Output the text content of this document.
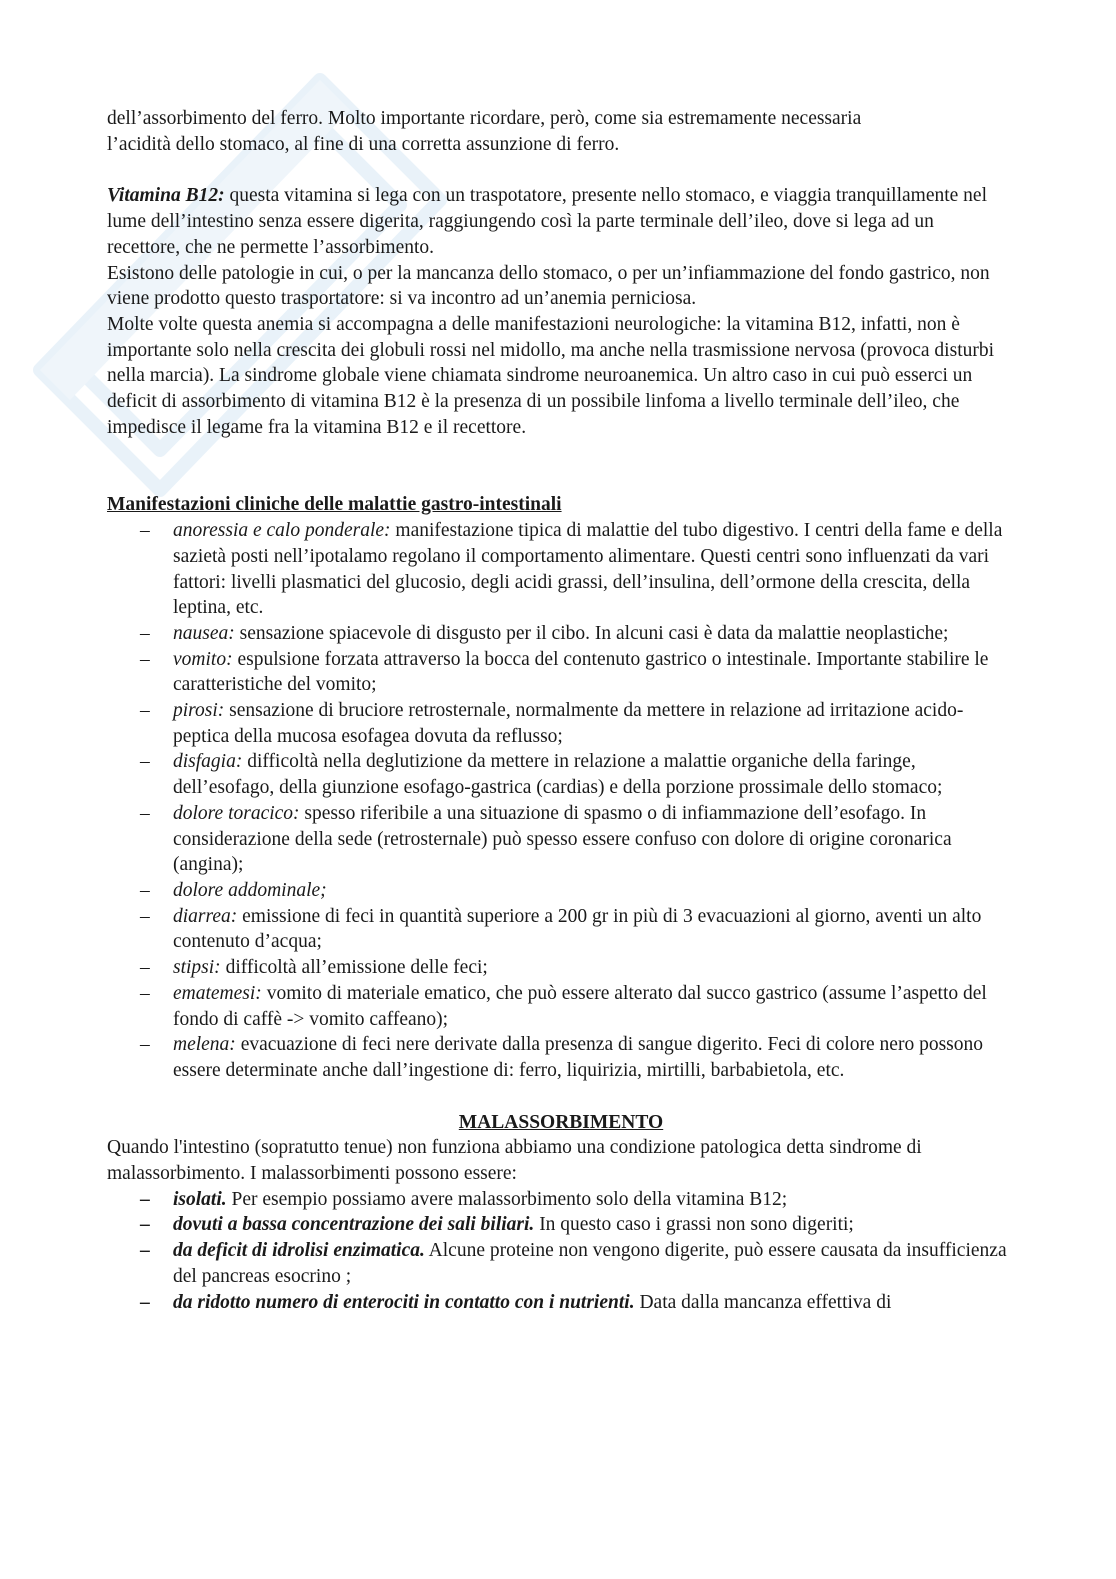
dell’assorbimento del ferro. Molto importante ricordare, però, come sia estremamente necessaria
l’acidità dello stomaco, al fine di una corretta assunzione di ferro.

Vitamina B12: questa vitamina si lega con un traspotatore, presente nello stomaco, e viaggia tranquillamente nel lume dell’intestino senza essere digerita, raggiungendo così la parte terminale dell’ileo, dove si lega ad un recettore, che ne permette l’assorbimento.

Esistono delle patologie in cui, o per la mancanza dello stomaco, o per un’infiammazione del fondo gastrico, non viene prodotto questo trasportatore: si va incontro ad un’anemia perniciosa.

Molte volte questa anemia si accompagna a delle manifestazioni neurologiche: la vitamina B12, infatti, non è importante solo nella crescita dei globuli rossi nel midollo, ma anche nella trasmissione nervosa (provoca disturbi nella marcia). La sindrome globale viene chiamata sindrome neuroanemica. Un altro caso in cui può esserci un deficit di assorbimento di vitamina B12 è la presenza di un possibile linfoma a livello terminale dell’ileo, che impedisce il legame fra la vitamina B12 e il recettore.

Manifestazioni cliniche delle malattie gastro-intestinali

– anoressia e calo ponderale: manifestazione tipica di malattie del tubo digestivo. I centri della fame e della sazietà posti nell’ipotalamo regolano il comportamento alimentare. Questi centri sono influenzati da vari fattori: livelli plasmatici del glucosio, degli acidi grassi, dell’insulina, dell’ormone della crescita, della leptina, etc.
– nausea: sensazione spiacevole di disgusto per il cibo. In alcuni casi è data da malattie neoplastiche;
– vomito: espulsione forzata attraverso la bocca del contenuto gastrico o intestinale. Importante stabilire le caratteristiche del vomito;
– pirosi: sensazione di bruciore retrosternale, normalmente da mettere in relazione ad irritazione acido-peptica della mucosa esofagea dovuta da reflusso;
– disfagia: difficoltà nella deglutizione da mettere in relazione a malattie organiche della faringe, dell’esofago, della giunzione esofago-gastrica (cardias) e della porzione prossimale dello stomaco;
– dolore toracico: spesso riferibile a una situazione di spasmo o di infiammazione dell’esofago. In considerazione della sede (retrosternale) può spesso essere confuso con dolore di origine coronarica (angina);
– dolore addominale;
– diarrea: emissione di feci in quantità superiore a 200 gr in più di 3 evacuazioni al giorno, aventi un alto contenuto d’acqua;
– stipsi: difficoltà all’emissione delle feci;
– ematemesi: vomito di materiale ematico, che può essere alterato dal succo gastrico (assume l’aspetto del fondo di caffè -> vomito caffeano);
– melena: evacuazione di feci nere derivate dalla presenza di sangue digerito. Feci di colore nero possono essere determinate anche dall’ingestione di: ferro, liquirizia, mirtilli, barbabietola, etc.

MALASSORBIMENTO

Quando l'intestino (sopratutto tenue) non funziona abbiamo una condizione patologica detta sindrome di malassorbimento. I malassorbimenti possono essere:

– isolati. Per esempio possiamo avere malassorbimento solo della vitamina B12;
– dovuti a bassa concentrazione dei sali biliari. In questo caso i grassi non sono digeriti;
– da deficit di idrolisi enzimatica. Alcune proteine non vengono digerite, può essere causata da insufficienza del pancreas esocrino ;
– da ridotto numero di enterociti in contatto con i nutrienti. Data dalla mancanza effettiva di
